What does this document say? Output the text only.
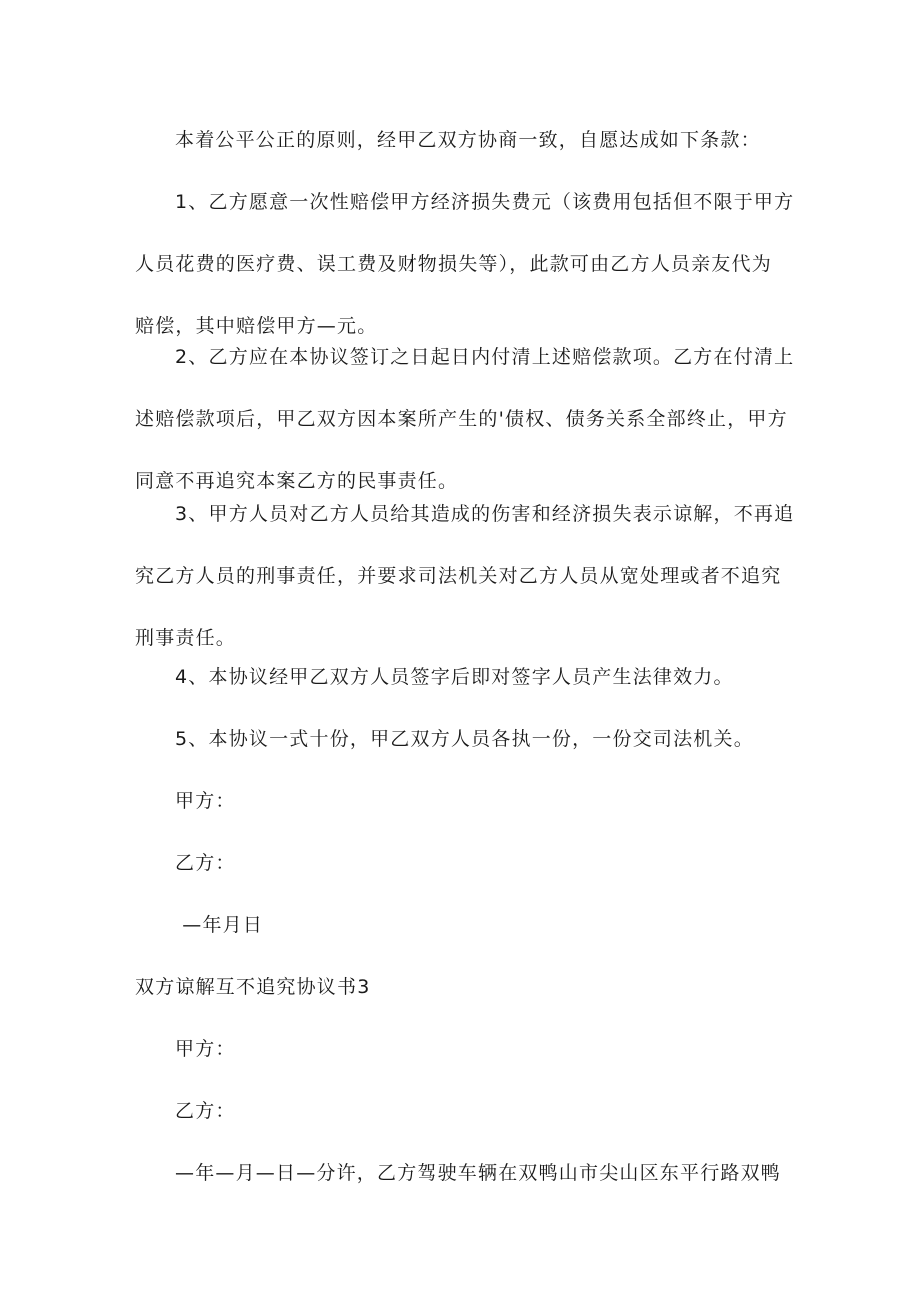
本着公平公正的原则，经甲乙双方协商一致，自愿达成如下条款：

1、乙方愿意一次性赔偿甲方经济损失费元（该费用包括但不限于甲方
人员花费的医疗费、误工费及财物损失等），此款可由乙方人员亲友代为
赔偿，其中赔偿甲方—元。

2、乙方应在本协议签订之日起日内付清上述赔偿款项。乙方在付清上
述赔偿款项后，甲乙双方因本案所产生的'债权、债务关系全部终止，甲方
同意不再追究本案乙方的民事责任。

3、甲方人员对乙方人员给其造成的伤害和经济损失表示谅解，不再追
究乙方人员的刑事责任，并要求司法机关对乙方人员从宽处理或者不追究
刑事责任。

4、本协议经甲乙双方人员签字后即对签字人员产生法律效力。

5、本协议一式十份，甲乙双方人员各执一份，一份交司法机关。

甲方：

乙方：

—年月日

双方谅解互不追究协议书3

甲方：

乙方：

—年—月—日—分许，乙方驾驶车辆在双鸭山市尖山区东平行路双鸭
